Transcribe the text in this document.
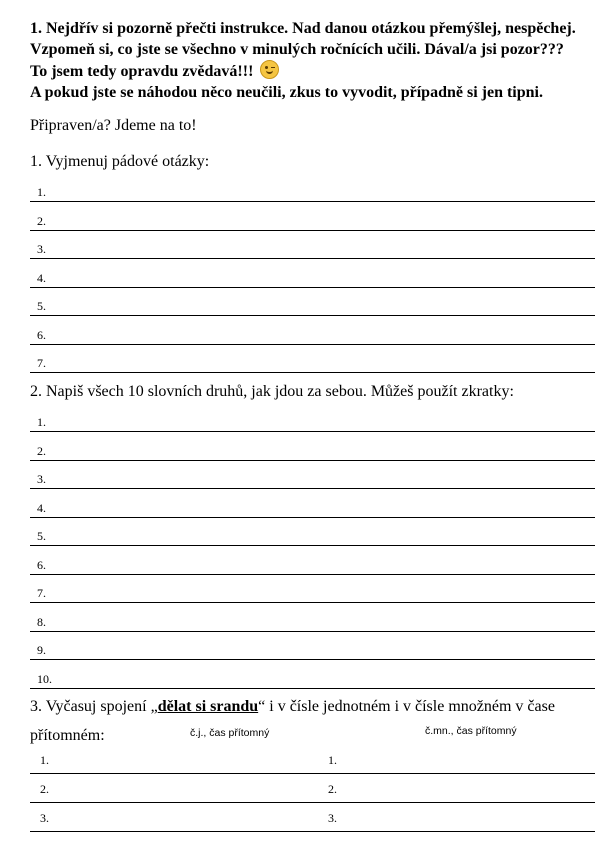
1. Nejdřív si pozorně přečti instrukce. Nad danou otázkou přemýšlej, nespěchej.
Vzpomeň si, co jste se všechno v minulých ročnících učili. Dával/a jsi pozor???
To jsem tedy opravdu zvědavá!!!
A pokud jste se náhodou něco neučili, zkus to vyvodit, případně si jen tipni.
Připraven/a? Jdeme na to!
1. Vyjmenuj pádové otázky:
1.
2.
3.
4.
5.
6.
7.
2. Napiš všech 10 slovních druhů, jak jdou za sebou. Můžeš použít zkratky:
1.
2.
3.
4.
5.
6.
7.
8.
9.
10.
3. Vyčasuj spojení „dělat si srandu“ i v čísle jednotném i v čísle množném v čase
přítomném:	č.j., čas přítomný	č.mn., čas přítomný
1.	1.
2.	2.
3.	3.
